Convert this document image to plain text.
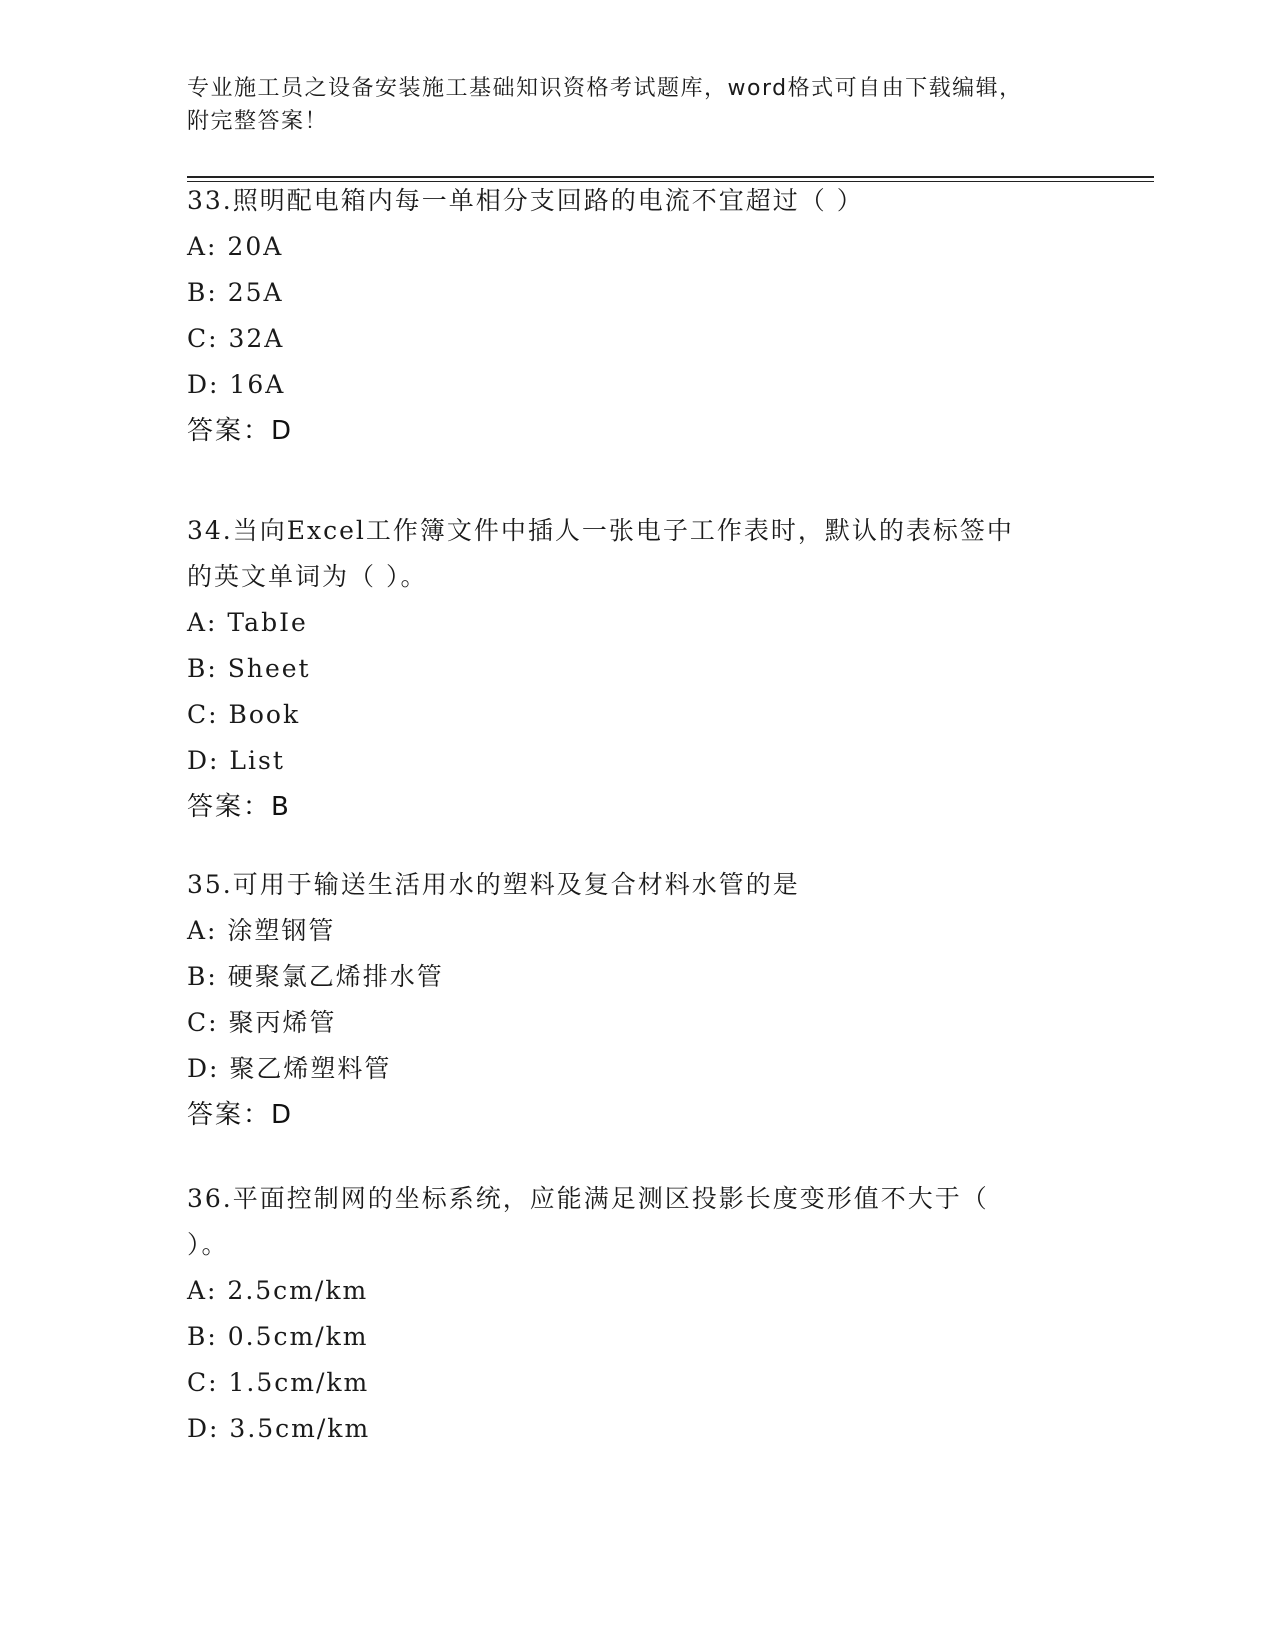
专业施工员之设备安装施工基础知识资格考试题库，word格式可自由下载编辑，
附完整答案！

33.照明配电箱内每一单相分支回路的电流不宜超过（ ）

A: 20A

B: 25A

C: 32A

D: 16A

答案：D

34.当向Excel工作簿文件中插人一张电子工作表时，默认的表标签中

的英文单词为（ ）。

A: TabIe

B: Sheet

C: Book

D: List

答案：B

35.可用于输送生活用水的塑料及复合材料水管的是

A: 涂塑钢管

B: 硬聚氯乙烯排水管

C: 聚丙烯管

D: 聚乙烯塑料管

答案：D

36.平面控制网的坐标系统，应能满足测区投影长度变形值不大于（

）。

A: 2.5cm/km

B: 0.5cm/km

C: 1.5cm/km

D: 3.5cm/km
